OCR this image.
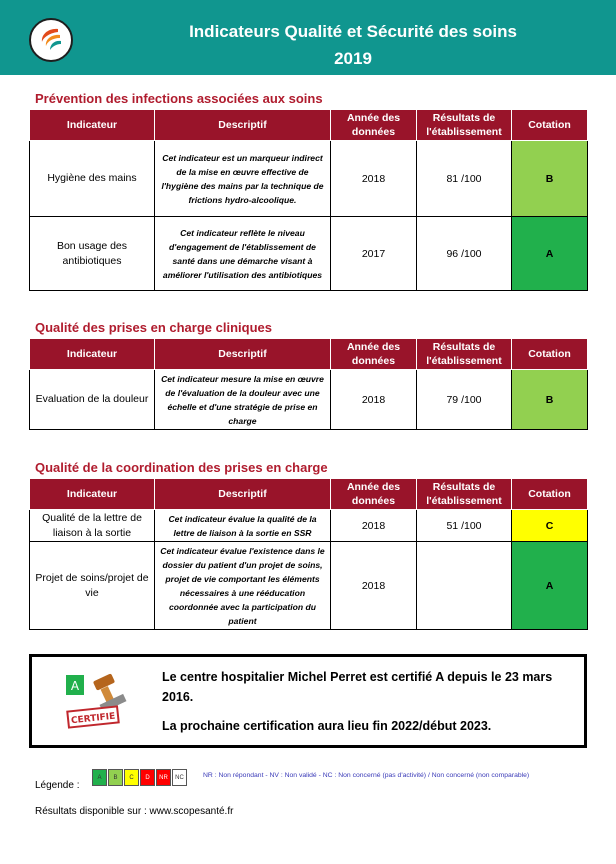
Indicateurs Qualité et Sécurité des soins
2019
Prévention des infections associées aux soins
Indicateur	Descriptif	Année des données	Résultats de l'établissement	Cotation
Hygiène des mains	Cet indicateur est un marqueur indirect de la mise en œuvre effective de l'hygiène des mains par la technique de frictions hydro-alcoolique.	2018	81 /100	B
Bon usage des antibiotiques	Cet indicateur reflète le niveau d'engagement de l'établissement de santé dans une démarche visant à améliorer l'utilisation des antibiotiques	2017	96 /100	A
Qualité des prises en charge cliniques
Indicateur	Descriptif	Année des données	Résultats de l'établissement	Cotation
Evaluation de la douleur	Cet indicateur mesure la mise en œuvre de l'évaluation de la douleur avec une échelle et d'une stratégie de prise en charge	2018	79 /100	B
Qualité de la coordination des prises en charge
Indicateur	Descriptif	Année des données	Résultats de l'établissement	Cotation
Qualité de la lettre de liaison à la sortie	Cet indicateur évalue la qualité de la lettre de liaison à la sortie en SSR	2018	51 /100	C
Projet de soins/projet de vie	Cet indicateur évalue l'existence dans le dossier du patient d'un projet de soins, projet de vie comportant les éléments nécessaires à une rééducation coordonnée avec la participation du patient	2018		A
A
CERTIFIE
Le centre hospitalier Michel Perret est certifié A depuis le 23 mars 2016.
La prochaine certification aura lieu fin 2022/début 2023.
Légende :
A	B	C	D	NR	NC	NR : Non répondant - NV : Non validé - NC : Non concerné (pas d'activité) / Non concerné (non comparable)
Résultats disponible sur : www.scopesanté.fr
